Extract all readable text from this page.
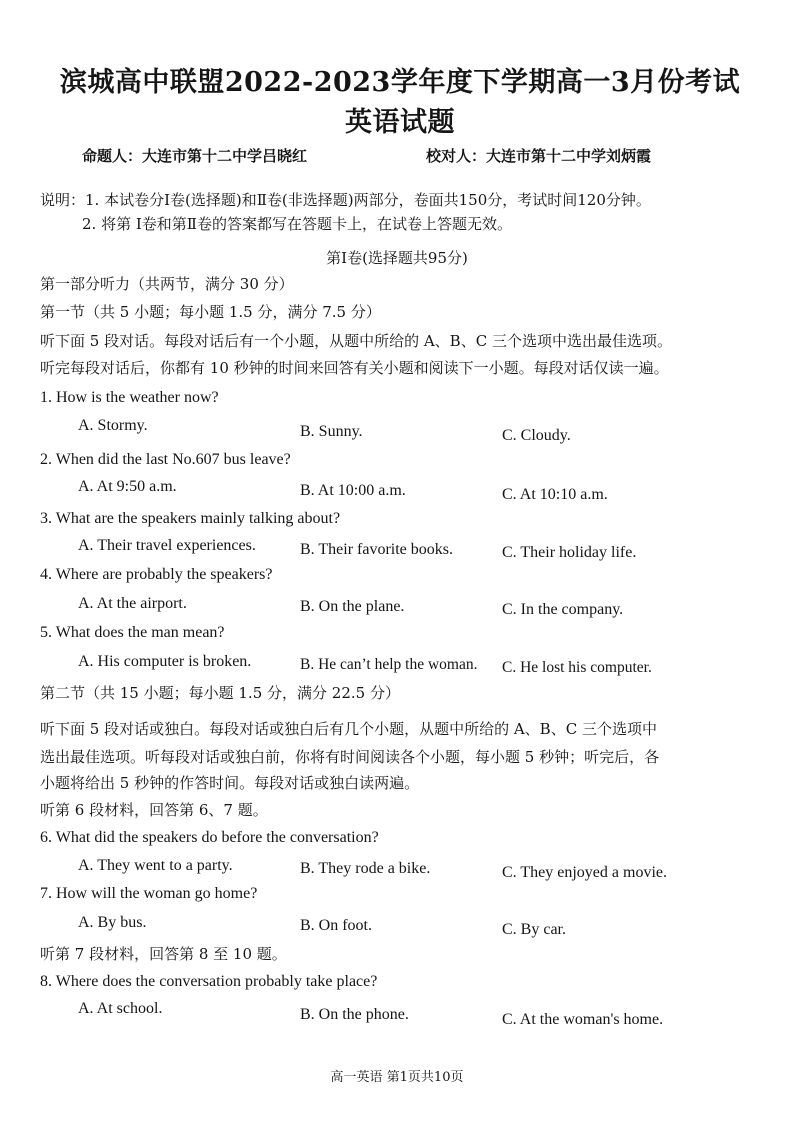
滨城高中联盟2022-2023学年度下学期高一3月份考试
英语试题
命题人：大连市第十二中学吕晓红	校对人：大连市第十二中学刘炳霞
说明：1. 本试卷分Ⅰ卷(选择题)和Ⅱ卷(非选择题)两部分，卷面共150分，考试时间120分钟。
2. 将第 Ⅰ卷和第Ⅱ卷的答案都写在答题卡上，在试卷上答题无效。
第Ⅰ卷(选择题共95分)
第一部分听力（共两节，满分 30 分）
第一节（共 5 小题；每小题 1.5 分，满分 7.5 分）
听下面 5 段对话。每段对话后有一个小题，从题中所给的 A、B、C 三个选项中选出最佳选项。
听完每段对话后，你都有 10 秒钟的时间来回答有关小题和阅读下一小题。每段对话仅读一遍。
1. How is the weather now?
A. Stormy.	B. Sunny.	C. Cloudy.
2. When did the last No.607 bus leave?
A. At 9:50 a.m.	B. At 10:00 a.m.	C. At 10:10 a.m.
3. What are the speakers mainly talking about?
A. Their travel experiences.	B. Their favorite books.	C. Their holiday life.
4. Where are probably the speakers?
A. At the airport.	B. On the plane.	C. In the company.
5. What does the man mean?
A. His computer is broken.	B. He can’t help the woman. C. He lost his computer.
第二节（共 15 小题；每小题 1.5 分，满分 22.5 分）
听下面 5 段对话或独白。每段对话或独白后有几个小题，从题中所给的 A、B、C 三个选项中
选出最佳选项。听每段对话或独白前，你将有时间阅读各个小题，每小题 5 秒钟；听完后，各
小题将给出 5 秒钟的作答时间。每段对话或独白读两遍。
听第 6 段材料，回答第 6、7 题。
6. What did the speakers do before the conversation?
A. They went to a party.	B. They rode a bike.	C. They enjoyed a movie.
7. How will the woman go home?
A. By bus.	B. On foot.	C. By car.
听第 7 段材料，回答第 8 至 10 题。
8. Where does the conversation probably take place?
A. At school.	B. On the phone.	C. At the woman's home.
高一英语 第1页共10页
